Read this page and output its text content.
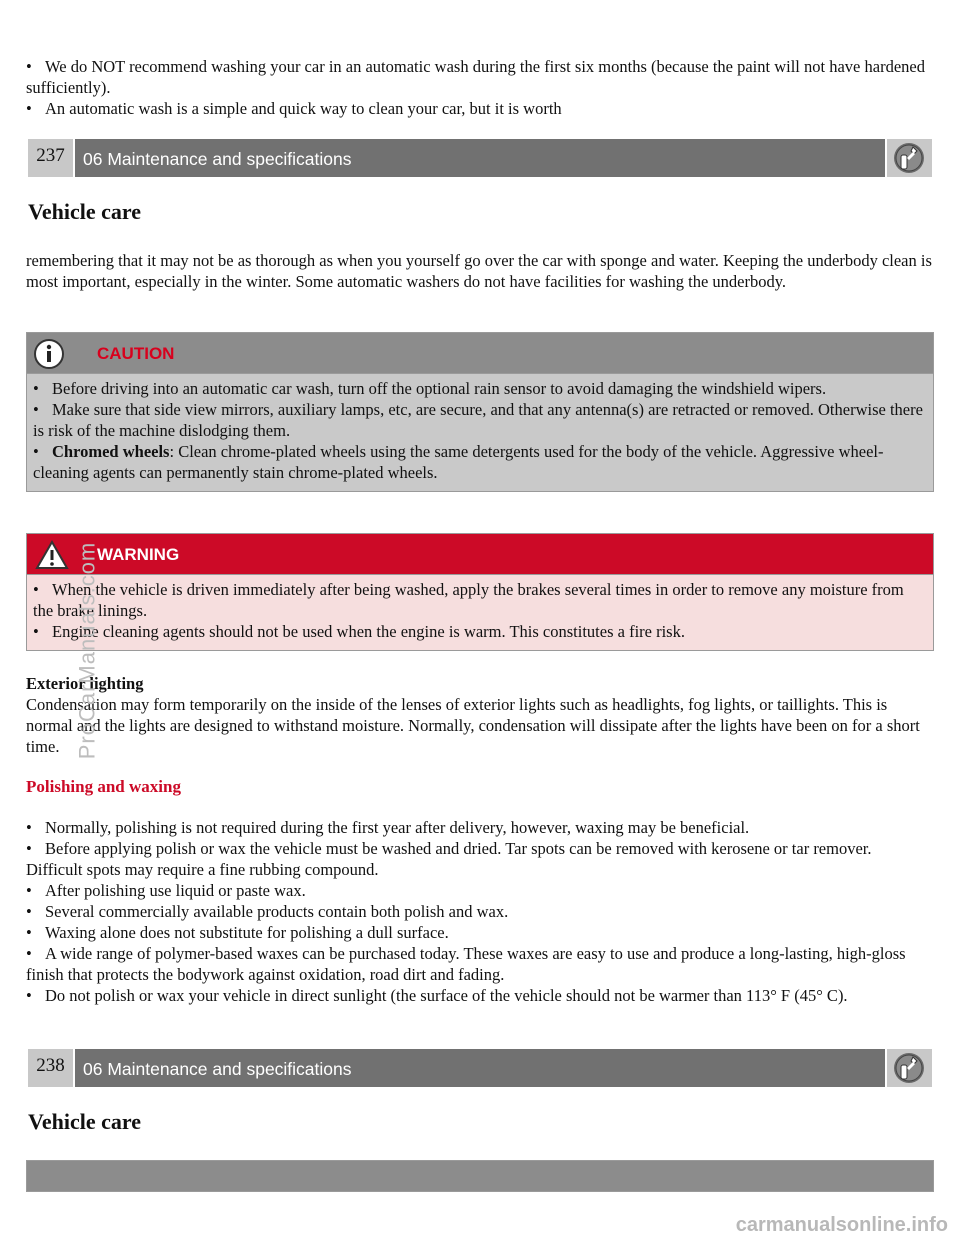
• We do NOT recommend washing your car in an automatic wash during the first six months (because the paint will not have hardened sufficiently).
• An automatic wash is a simple and quick way to clean your car, but it is worth
237	06 Maintenance and specifications
Vehicle care
remembering that it may not be as thorough as when you yourself go over the car with sponge and water. Keeping the underbody clean is most important, especially in the winter. Some automatic washers do not have facilities for washing the underbody.
CAUTION
• Before driving into an automatic car wash, turn off the optional rain sensor to avoid damaging the windshield wipers.
• Make sure that side view mirrors, auxiliary lamps, etc, are secure, and that any antenna(s) are retracted or removed. Otherwise there is risk of the machine dislodging them.
• Chromed wheels: Clean chrome-plated wheels using the same detergents used for the body of the vehicle. Aggressive wheel-cleaning agents can permanently stain chrome-plated wheels.
WARNING
• When the vehicle is driven immediately after being washed, apply the brakes several times in order to remove any moisture from the brake linings.
• Engine cleaning agents should not be used when the engine is warm. This constitutes a fire risk.
Exterior lighting
Condensation may form temporarily on the inside of the lenses of exterior lights such as headlights, fog lights, or taillights. This is normal and the lights are designed to withstand moisture. Normally, condensation will dissipate after the lights have been on for a short time.
Polishing and waxing
• Normally, polishing is not required during the first year after delivery, however, waxing may be beneficial.
• Before applying polish or wax the vehicle must be washed and dried. Tar spots can be removed with kerosene or tar remover. Difficult spots may require a fine rubbing compound.
• After polishing use liquid or paste wax.
• Several commercially available products contain both polish and wax.
• Waxing alone does not substitute for polishing a dull surface.
• A wide range of polymer-based waxes can be purchased today. These waxes are easy to use and produce a long-lasting, high-gloss finish that protects the bodywork against oxidation, road dirt and fading.
• Do not polish or wax your vehicle in direct sunlight (the surface of the vehicle should not be warmer than 113° F (45° C).
238	06 Maintenance and specifications
Vehicle care
ProCarManuals.com
carmanualsonline.info
